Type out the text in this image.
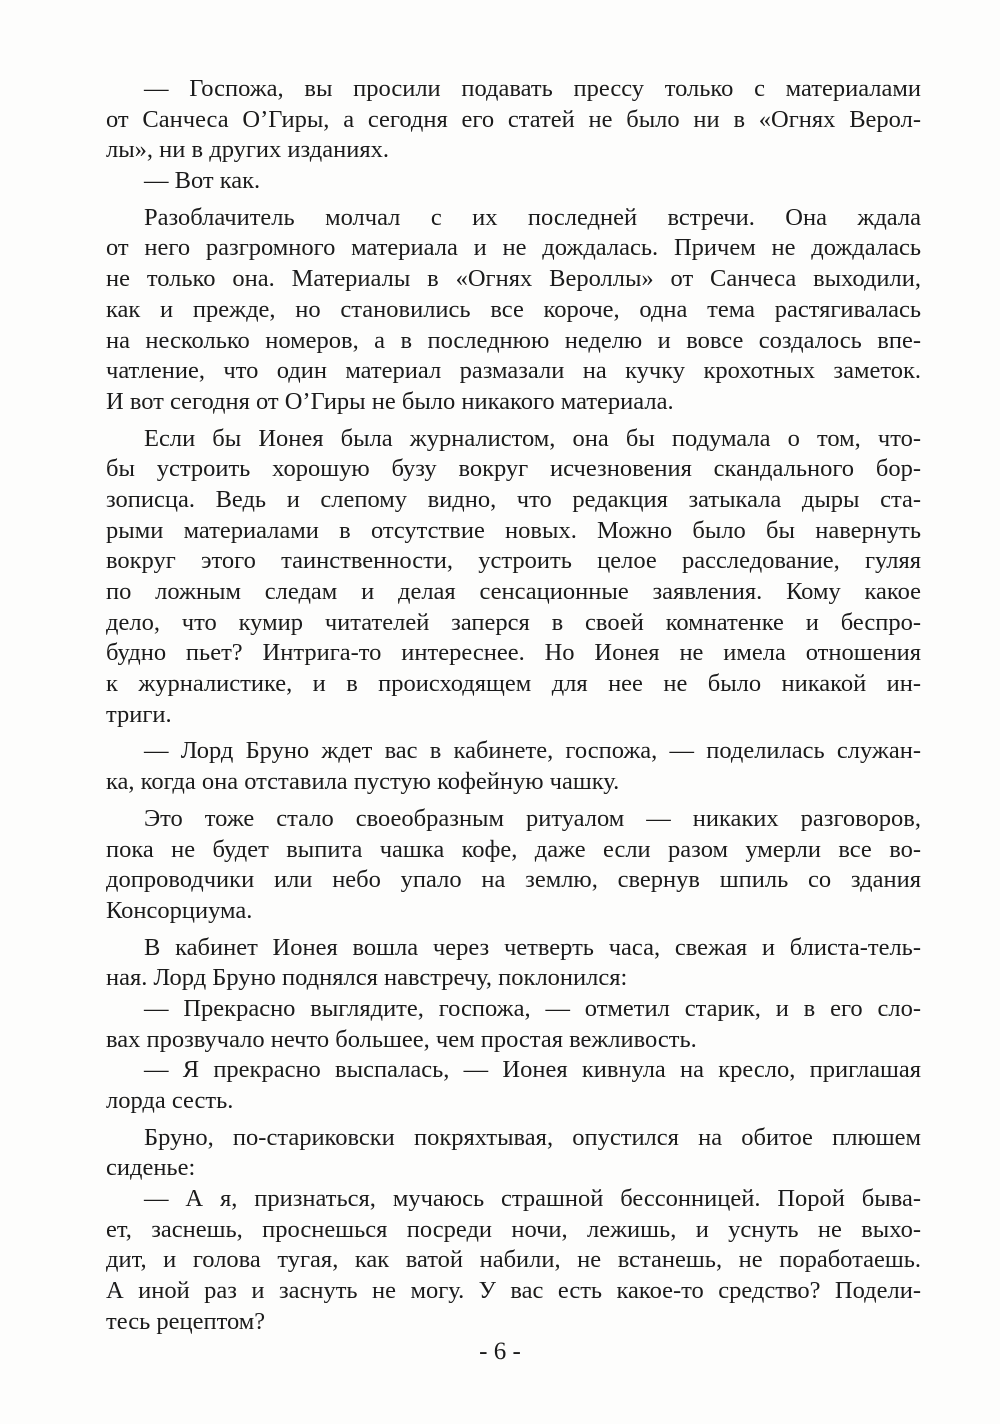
— Госпожа, вы просили подавать прессу только с материалами
от Санчеса О’Гиры, а сегодня его статей не было ни в «Огнях Верол-
лы», ни в других изданиях.
— Вот как.
Разоблачитель молчал с их последней встречи. Она ждала
от него разгромного материала и не дождалась. Причем не дождалась
не только она. Материалы в «Огнях Вероллы» от Санчеса выходили,
как и прежде, но становились все короче, одна тема растягивалась
на несколько номеров, а в последнюю неделю и вовсе создалось впе-
чатление, что один материал размазали на кучку крохотных заметок.
И вот сегодня от О’Гиры не было никакого материала.
Если бы Ионея была журналистом, она бы подумала о том, что-
бы устроить хорошую бузу вокруг исчезновения скандального бор-
зописца. Ведь и слепому видно, что редакция затыкала дыры ста-
рыми материалами в отсутствие новых. Можно было бы навернуть
вокруг этого таинственности, устроить целое расследование, гуляя
по ложным следам и делая сенсационные заявления. Кому какое
дело, что кумир читателей заперся в своей комнатенке и беспро-
будно пьет? Интрига-то интереснее. Но Ионея не имела отношения
к журналистике, и в происходящем для нее не было никакой ин-
триги.
— Лорд Бруно ждет вас в кабинете, госпожа, — поделилась служан-
ка, когда она отставила пустую кофейную чашку.
Это тоже стало своеобразным ритуалом — никаких разговоров,
пока не будет выпита чашка кофе, даже если разом умерли все во-
допроводчики или небо упало на землю, свернув шпиль со здания
Консорциума.
В кабинет Ионея вошла через четверть часа, свежая и блиста-тель-
ная. Лорд Бруно поднялся навстречу, поклонился:
— Прекрасно выглядите, госпожа, — отметил старик, и в его сло-
вах прозвучало нечто большее, чем простая вежливость.
— Я прекрасно выспалась, — Ионея кивнула на кресло, приглашая
лорда сесть.
Бруно, по-стариковски покряхтывая, опустился на обитое плюшем
сиденье:
— А я, признаться, мучаюсь страшной бессонницей. Порой быва-
ет, заснешь, проснешься посреди ночи, лежишь, и уснуть не выхо-
дит, и голова тугая, как ватой набили, не встанешь, не поработаешь.
А иной раз и заснуть не могу. У вас есть какое-то средство? Подели-
тесь рецептом?
- 6 -
